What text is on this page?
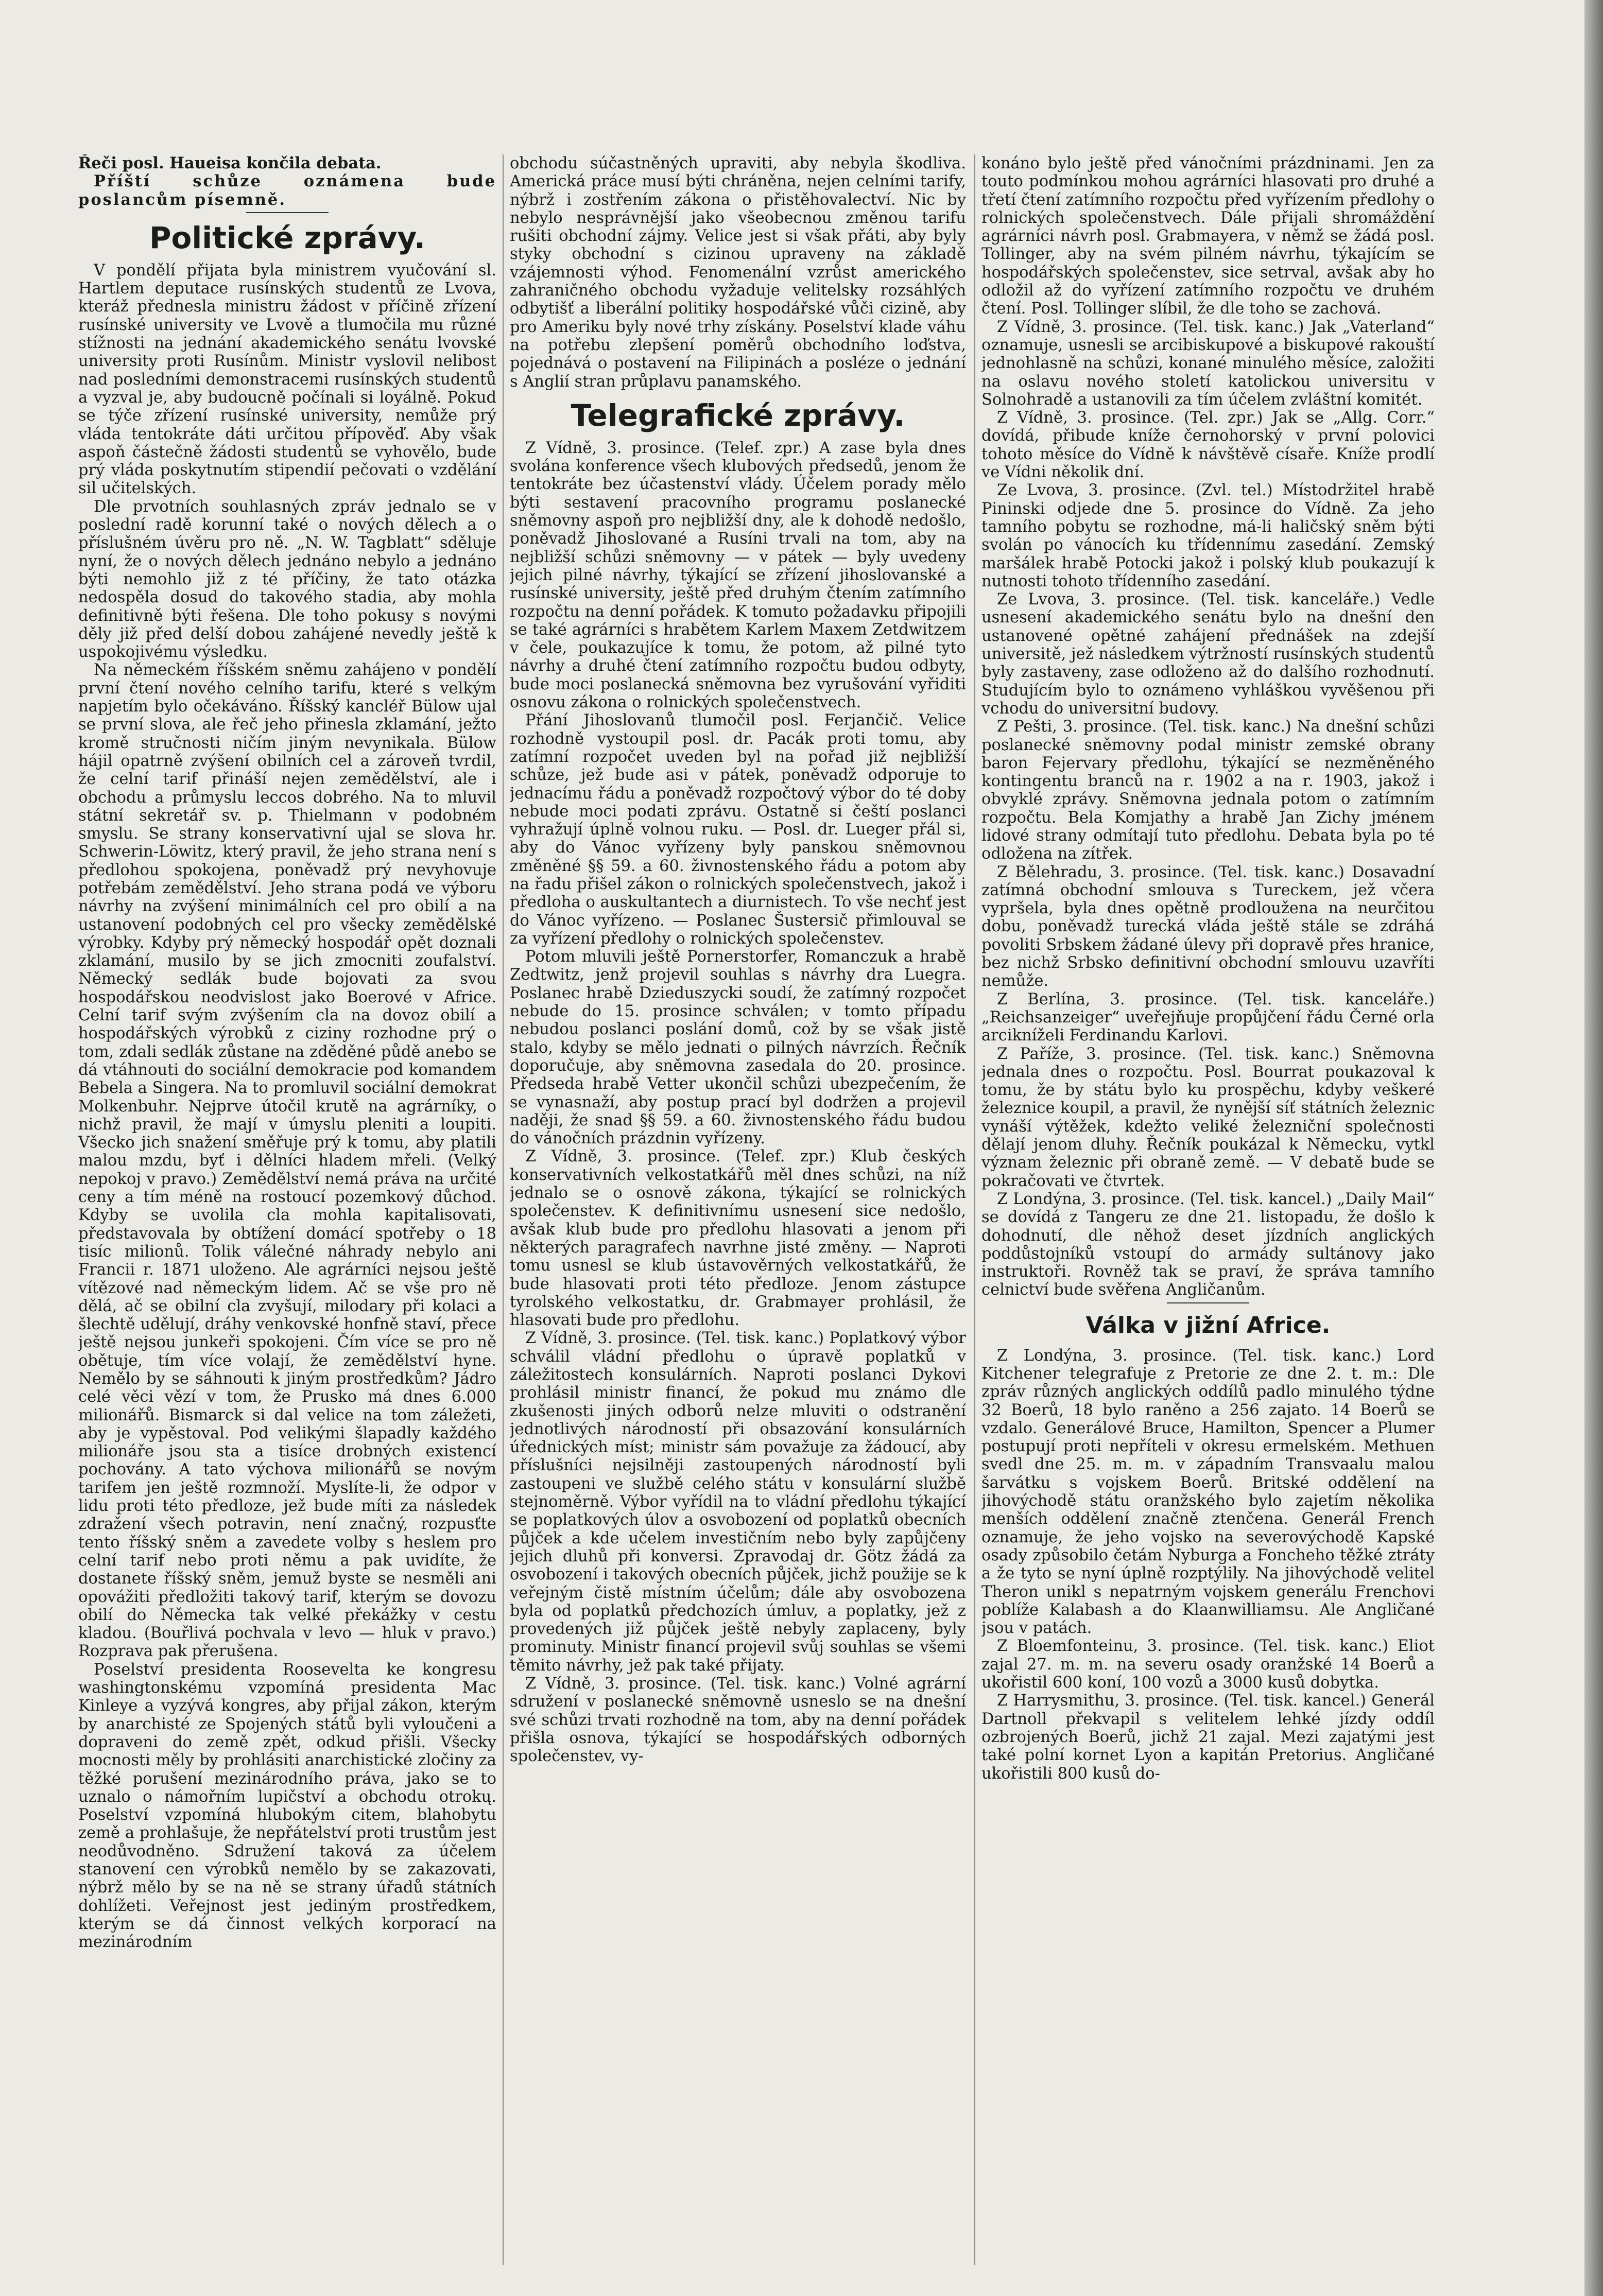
Řeči posl. Haueisa končila debata.

Příští schůze oznámena bude poslancům písemně.

Politické zprávy.

V pondělí přijata byla ministrem vyučování sl. Hartlem deputace rusínských studentů ze Lvova, kteráž přednesla ministru žádost v příčině zřízení rusínské university ve Lvově a tlumočila mu různé stížnosti na jednání akademického senátu lvovské university proti Rusínům. Ministr vyslovil nelibost nad posledními demonstracemi rusínských studentů a vyzval je, aby budoucně počínali si loyálně. Pokud se týče zřízení rusínské university, nemůže prý vláda tentokráte dáti určitou přípověď. Aby však aspoň částečně žádosti studentů se vyhovělo, bude prý vláda poskytnutím stipendií pečovati o vzdělání sil učitelských.

Dle prvotních souhlasných zpráv jednalo se v poslední radě korunní také o nových dělech a o příslušném úvěru pro ně. „N. W. Tagblatt“ sděluje nyní, že o nových dělech jednáno nebylo a jednáno býti nemohlo již z té příčiny, že tato otázka nedospěla dosud do takového stadia, aby mohla definitivně býti řešena. Dle toho pokusy s novými děly již před delší dobou zahájené nevedly ještě k uspokojivému výsledku.

Na německém říšském sněmu zahájeno v pondělí první čtení nového celního tarifu, které s velkým napjetím bylo očekáváno. Říšský kancléř Bülow ujal se první slova, ale řeč jeho přinesla zklamání, ježto kromě stručnosti ničím jiným nevynikala. Bülow hájil opatrně zvýšení obilních cel a zároveň tvrdil, že celní tarif přináší nejen zemědělství, ale i obchodu a průmyslu leccos dobrého. Na to mluvil státní sekretář sv. p. Thielmann v podobném smyslu. Se strany konservativní ujal se slova hr. Schwerin-Löwitz, který pravil, že jeho strana není s předlohou spokojena, poněvadž prý nevyhovuje potřebám zemědělství. Jeho strana podá ve výboru návrhy na zvýšení minimálních cel pro obilí a na ustanovení podobných cel pro všecky zemědělské výrobky. Kdyby prý německý hospodář opět doznali zklamání, musilo by se jich zmocniti zoufalství. Německý sedlák bude bojovati za svou hospodářskou neodvislost jako Boerové v Africe. Celní tarif svým zvýšením cla na dovoz obilí a hospodářských výrobků z ciziny rozhodne prý o tom, zdali sedlák zůstane na zděděné půdě anebo se dá vtáhnouti do sociální demokracie pod komandem Bebela a Singera. Na to promluvil sociální demokrat Molkenbuhr. Nejprve útočil krutě na agrárníky, o nichž pravil, že mají v úmyslu pleniti a loupiti. Všecko jich snažení směřuje prý k tomu, aby platili malou mzdu, byť i dělníci hladem mřeli. (Velký nepokoj v pravo.) Zemědělství nemá práva na určité ceny a tím méně na rostoucí pozemkový důchod. Kdyby se uvolila cla mohla kapitalisovati, představovala by obtížení domácí spotřeby o 18 tisíc milionů. Tolik válečné náhrady nebylo ani Francii r. 1871 uloženo. Ale agrárníci nejsou ještě vítězové nad německým lidem. Ač se vše pro ně dělá, ač se obilní cla zvyšují, milodary při kolaci a šlechtě udělují, dráhy venkovské honfně staví, přece ještě nejsou junkeři spokojeni. Čím více se pro ně obětuje, tím více volají, že zemědělství hyne. Nemělo by se sáhnouti k jiným prostředkům? Jádro celé věci vězí v tom, že Prusko má dnes 6.000 milionářů. Bismarck si dal velice na tom záležeti, aby je vypěstoval. Pod velikými šlapadly každého milionáře jsou sta a tisíce drobných existencí pochovány. A tato výchova milionářů se novým tarifem jen ještě rozmnoží. Myslíte-li, že odpor v lidu proti této předloze, jež bude míti za následek zdražení všech potravin, není značný, rozpusťte tento říšský sněm a zavedete volby s heslem pro celní tarif nebo proti němu a pak uvidíte, že dostanete říšský sněm, jemuž byste se nesměli ani opovážiti předložiti takový tarif, kterým se dovozu obilí do Německa tak velké překážky v cestu kladou. (Bouřlivá pochvala v levo — hluk v pravo.) Rozprava pak přerušena.

Poselství presidenta Roosevelta ke kongresu washingtonskému vzpomíná presidenta Mac Kinleye a vyzývá kongres, aby přijal zákon, kterým by anarchisté ze Spojených států byli vyloučeni a dopraveni do země zpět, odkud přišli. Všecky mocnosti měly by prohlásiti anarchistické zločiny za těžké porušení mezinárodního práva, jako se to uznalo o námořním lupičství a obchodu otrokų. Poselství vzpomíná hlubokým citem, blahobytu země a prohlašuje, že nepřátelství proti trustům jest neodůvodněno. Sdružení taková za účelem stanovení cen výrobků nemělo by se zakazovati, nýbrž mělo by se na ně se strany úřadů státních dohlížeti. Veřejnost jest jediným prostředkem, kterým se dá činnost velkých korporací na mezinárodním

obchodu súčastněných upraviti, aby nebyla škodliva. Americká práce musí býti chráněna, nejen celními tarify, nýbrž i zostřením zákona o přistěhovalectví. Nic by nebylo nesprávnější jako všeobecnou změnou tarifu rušiti obchodní zájmy. Velice jest si však přáti, aby byly styky obchodní s cizinou upraveny na základě vzájemnosti výhod. Fenomenální vzrůst amerického zahraničného obchodu vyžaduje velitelsky rozsáhlých odbytišť a liberální politiky hospodářské vůči cizině, aby pro Ameriku byly nové trhy získány. Poselství klade váhu na potřebu zlepšení poměrů obchodního loďstva, pojednává o postavení na Filipinách a posléze o jednání s Anglií stran průplavu panamského.

Telegrafické zprávy.

Z Vídně, 3. prosince. (Telef. zpr.) A zase byla dnes svolána konference všech klubových předsedů, jenom že tentokráte bez účastenství vlády. Účelem porady mělo býti sestavení pracovního programu poslanecké sněmovny aspoň pro nejbližší dny, ale k dohodě nedošlo, poněvadž Jihoslované a Rusíni trvali na tom, aby na nejbližší schůzi sněmovny — v pátek — byly uvedeny jejich pilné návrhy, týkající se zřízení jihoslovanské a rusínské university, ještě před druhým čtením zatímního rozpočtu na denní pořádek. K tomuto požadavku připojili se také agrárníci s hrabětem Karlem Maxem Zetdwitzem v čele, poukazujíce k tomu, že potom, až pilné tyto návrhy a druhé čtení zatímního rozpočtu budou odbyty, bude moci poslanecká sněmovna bez vyrušování vyřiditi osnovu zákona o rolnických společenstvech.

Přání Jihoslovanů tlumočil posl. Ferjančič. Velice rozhodně vystoupil posl. dr. Pacák proti tomu, aby zatímní rozpočet uveden byl na pořad již nejbližší schůze, jež bude asi v pátek, poněvadž odporuje to jednacímu řádu a poněvadž rozpočtový výbor do té doby nebude moci podati zprávu. Ostatně si čeští poslanci vyhražují úplně volnou ruku. — Posl. dr. Lueger přál si, aby do Vánoc vyřízeny byly panskou sněmovnou změněné §§ 59. a 60. živnostenského řádu a potom aby na řadu přišel zákon o rolnických společenstvech, jakož i předloha o auskultantech a diurnistech. To vše nechť jest do Vánoc vyřízeno. — Poslanec Šustersič přimlouval se za vyřízení předlohy o rolnických společenstev.

Potom mluvili ještě Pornerstorfer, Romanczuk a hrabě Zedtwitz, jenž projevil souhlas s návrhy dra Luegra. Poslanec hrabě Dzieduszycki soudí, že zatímný rozpočet nebude do 15. prosince schválen; v tomto případu nebudou poslanci poslání domů, což by se však jistě stalo, kdyby se mělo jednati o pilných návrzích. Řečník doporučuje, aby sněmovna zasedala do 20. prosince. Předseda hrabě Vetter ukončil schůzi ubezpečením, že se vynasnaží, aby postup prací byl dodržen a projevil naději, že snad §§ 59. a 60. živnostenského řádu budou do vánočních prázdnin vyřízeny.

Z Vídně, 3. prosince. (Telef. zpr.) Klub českých konservativních velkostatkářů měl dnes schůzi, na níž jednalo se o osnově zákona, týkající se rolnických společenstev. K definitivnímu usnesení sice nedošlo, avšak klub bude pro předlohu hlasovati a jenom při některých paragrafech navrhne jisté změny. — Naproti tomu usnesl se klub ústavověrných velkostatkářů, že bude hlasovati proti této předloze. Jenom zástupce tyrolského velkostatku, dr. Grabmayer prohlásil, že hlasovati bude pro předlohu.

Z Vídně, 3. prosince. (Tel. tisk. kanc.) Poplatkový výbor schválil vládní předlohu o úpravě poplatků v záležitostech konsulárních. Naproti poslanci Dykovi prohlásil ministr financí, že pokud mu známo dle zkušenosti jiných odborů nelze mluviti o odstranění jednotlivých národností při obsazování konsulárních úřednických míst; ministr sám považuje za žádoucí, aby příslušníci nejsilněji zastoupených národností byli zastoupeni ve službě celého státu v konsulární službě stejnoměrně. Výbor vyřídil na to vládní předlohu týkající se poplatkových úlov a osvobození od poplatků obecních půjček a kde učelem investičním nebo byly zapůjčeny jejich dluhů při konversi. Zpravodaj dr. Götz žádá za osvobození i takových obecních půjček, jichž použije se k veřejným čistě místním účelům; dále aby osvobozena byla od poplatků předchozích úmluv, a poplatky, jež z provedených již půjček ještě nebyly zaplaceny, byly prominuty. Ministr financí projevil svůj souhlas se všemi těmito návrhy, jež pak také přijaty.

Z Vídně, 3. prosince. (Tel. tisk. kanc.) Volné agrární sdružení v poslanecké sněmovně usneslo se na dnešní své schůzi trvati rozhodně na tom, aby na denní pořádek přišla osnova, týkající se hospodářských odborných společenstev, vy-

konáno bylo ještě před vánočními prázdninami. Jen za touto podmínkou mohou agrárníci hlasovati pro druhé a třetí čtení zatímního rozpočtu před vyřízením předlohy o rolnických společenstvech. Dále přijali shromáždění agrárníci návrh posl. Grabmayera, v němž se žádá posl. Tollinger, aby na svém pilném návrhu, týkajícím se hospodářských společenstev, sice setrval, avšak aby ho odložil až do vyřízení zatímního rozpočtu ve druhém čtení. Posl. Tollinger slíbil, že dle toho se zachová.

Z Vídně, 3. prosince. (Tel. tisk. kanc.) Jak „Vaterland“ oznamuje, usnesli se arcibiskupové a biskupové rakouští jednohlasně na schůzi, konané minulého měsíce, založiti na oslavu nového století katolickou universitu v Solnohradě a ustanovili za tím účelem zvláštní komitét.

Z Vídně, 3. prosince. (Tel. zpr.) Jak se „Allg. Corr.“ dovídá, přibude kníže černohorský v první polovici tohoto měsíce do Vídně k návštěvě císaře. Kníže prodlí ve Vídni několik dní.

Ze Lvova, 3. prosince. (Zvl. tel.) Místodržitel hrabě Pininski odjede dne 5. prosince do Vídně. Za jeho tamního pobytu se rozhodne, má-li haličský sněm býti svolán po vánocích ku třídennímu zasedání. Zemský maršálek hrabě Potocki jakož i polský klub poukazují k nutnosti tohoto třídenního zasedání.

Ze Lvova, 3. prosince. (Tel. tisk. kanceláře.) Vedle usnesení akademického senátu bylo na dnešní den ustanovené opětné zahájení přednášek na zdejší universitě, jež následkem výtržností rusínských studentů byly zastaveny, zase odloženo až do dalšího rozhodnutí. Studujícím bylo to oznámeno vyhláškou vyvěšenou při vchodu do universitní budovy.

Z Pešti, 3. prosince. (Tel. tisk. kanc.) Na dnešní schůzi poslanecké sněmovny podal ministr zemské obrany baron Fejervary předlohu, týkající se nezměněného kontingentu branců na r. 1902 a na r. 1903, jakož i obvyklé zprávy. Sněmovna jednala potom o zatímním rozpočtu. Bela Komjathy a hrabě Jan Zichy jménem lidové strany odmítají tuto předlohu. Debata byla po té odložena na zítřek.

Z Bělehradu, 3. prosince. (Tel. tisk. kanc.) Dosavadní zatímná obchodní smlouva s Tureckem, jež včera vypršela, byla dnes opětně prodloužena na neurčitou dobu, poněvadž turecká vláda ještě stále se zdráhá povoliti Srbskem žádané úlevy při dopravě přes hranice, bez nichž Srbsko definitivní obchodní smlouvu uzavříti nemůže.

Z Berlína, 3. prosince. (Tel. tisk. kanceláře.) „Reichsanzeiger“ uveřejňuje propůjčení řádu Černé orla arcikníželi Ferdinandu Karlovi.

Z Paříže, 3. prosince. (Tel. tisk. kanc.) Sněmovna jednala dnes o rozpočtu. Posl. Bourrat poukazoval k tomu, že by státu bylo ku prospěchu, kdyby veškeré železnice koupil, a pravil, že nynější síť státních železnic vynáší výtěžek, kdežto veliké železniční společnosti dělají jenom dluhy. Řečník poukázal k Německu, vytkl význam železnic při obraně země. — V debatě bude se pokračovati ve čtvrtek.

Z Londýna, 3. prosince. (Tel. tisk. kancel.) „Daily Mail“ se dovídá z Tangeru ze dne 21. listopadu, že došlo k dohodnutí, dle něhož deset jízdních anglických poddůstojníků vstoupí do armády sultánovy jako instruktoři. Rovněž tak se praví, že správa tamního celnictví bude svěřena Angličanům.

Válka v jižní Africe.

Z Londýna, 3. prosince. (Tel. tisk. kanc.) Lord Kitchener telegrafuje z Pretorie ze dne 2. t. m.: Dle zpráv různých anglických oddílů padlo minulého týdne 32 Boerů, 18 bylo raněno a 256 zajato. 14 Boerů se vzdalo. Generálové Bruce, Hamilton, Spencer a Plumer postupují proti nepříteli v okresu ermelském. Methuen svedl dne 25. m. m. v západním Transvaalu malou šarvátku s vojskem Boerů. Britské oddělení na jihovýchodě státu oranžského bylo zajetím několika menších oddělení značně ztenčena. Generál French oznamuje, že jeho vojsko na severovýchodě Kapské osady způsobilo četám Nyburga a Foncheho těžké ztráty a že tyto se nyní úplně rozptýlily. Na jihovýchodě velitel Theron unikl s nepatrným vojskem generálu Frenchovi poblíže Kalabash a do Klaanwilliamsu. Ale Angličané jsou v patách.

Z Bloemfonteinu, 3. prosince. (Tel. tisk. kanc.) Eliot zajal 27. m. m. na severu osady oranžské 14 Boerů a ukořistil 600 koní, 100 vozů a 3000 kusů dobytka.

Z Harrysmithu, 3. prosince. (Tel. tisk. kancel.) Generál Dartnoll překvapil s velitelem lehké jízdy oddíl ozbrojených Boerů, jichž 21 zajal. Mezi zajatými jest také polní kornet Lyon a kapitán Pretorius. Angličané ukořistili 800 kusů do-
